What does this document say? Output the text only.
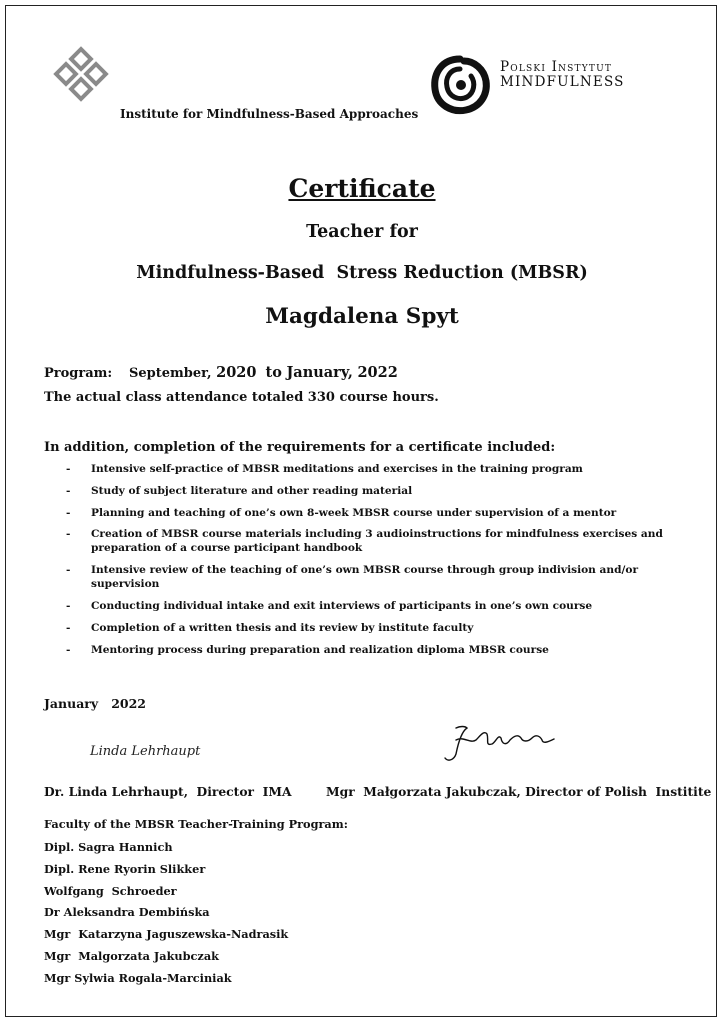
Institute for Mindfulness-Based Approaches
Polski Instytut
MINDFULNESS
Certificate
Teacher for
Mindfulness-Based  Stress Reduction (MBSR)
Magdalena Spyt
Program: September, 2020 to January, 2022
The actual class attendance totaled 330 course hours.
In addition, completion of the requirements for a certificate included:
- Intensive self-practice of MBSR meditations and exercises in the training program
- Study of subject literature and other reading material
- Planning and teaching of one’s own 8-week MBSR course under supervision of a mentor
- Creation of MBSR course materials including 3 audioinstructions for mindfulness exercises and preparation of a course participant handbook
- Intensive review of the teaching of one’s own MBSR course through group indivision and/or supervision
- Conducting individual intake and exit interviews of participants in one’s own course
- Completion of a written thesis and its review by institute faculty
- Mentoring process during preparation and realization diploma MBSR course
January   2022
Linda Lehrhaupt
Dr. Linda Lehrhaupt,  Director  IMA	Mgr  Małgorzata Jakubczak, Director of Polish  Institite
Faculty of the MBSR Teacher-Training Program:
Dipl. Sagra Hannich
Dipl. Rene Ryorin Slikker
Wolfgang  Schroeder
Dr Aleksandra Dembińska
Mgr  Katarzyna Jaguszewska-Nadrasik
Mgr  Malgorzata Jakubczak
Mgr Sylwia Rogala-Marciniak
